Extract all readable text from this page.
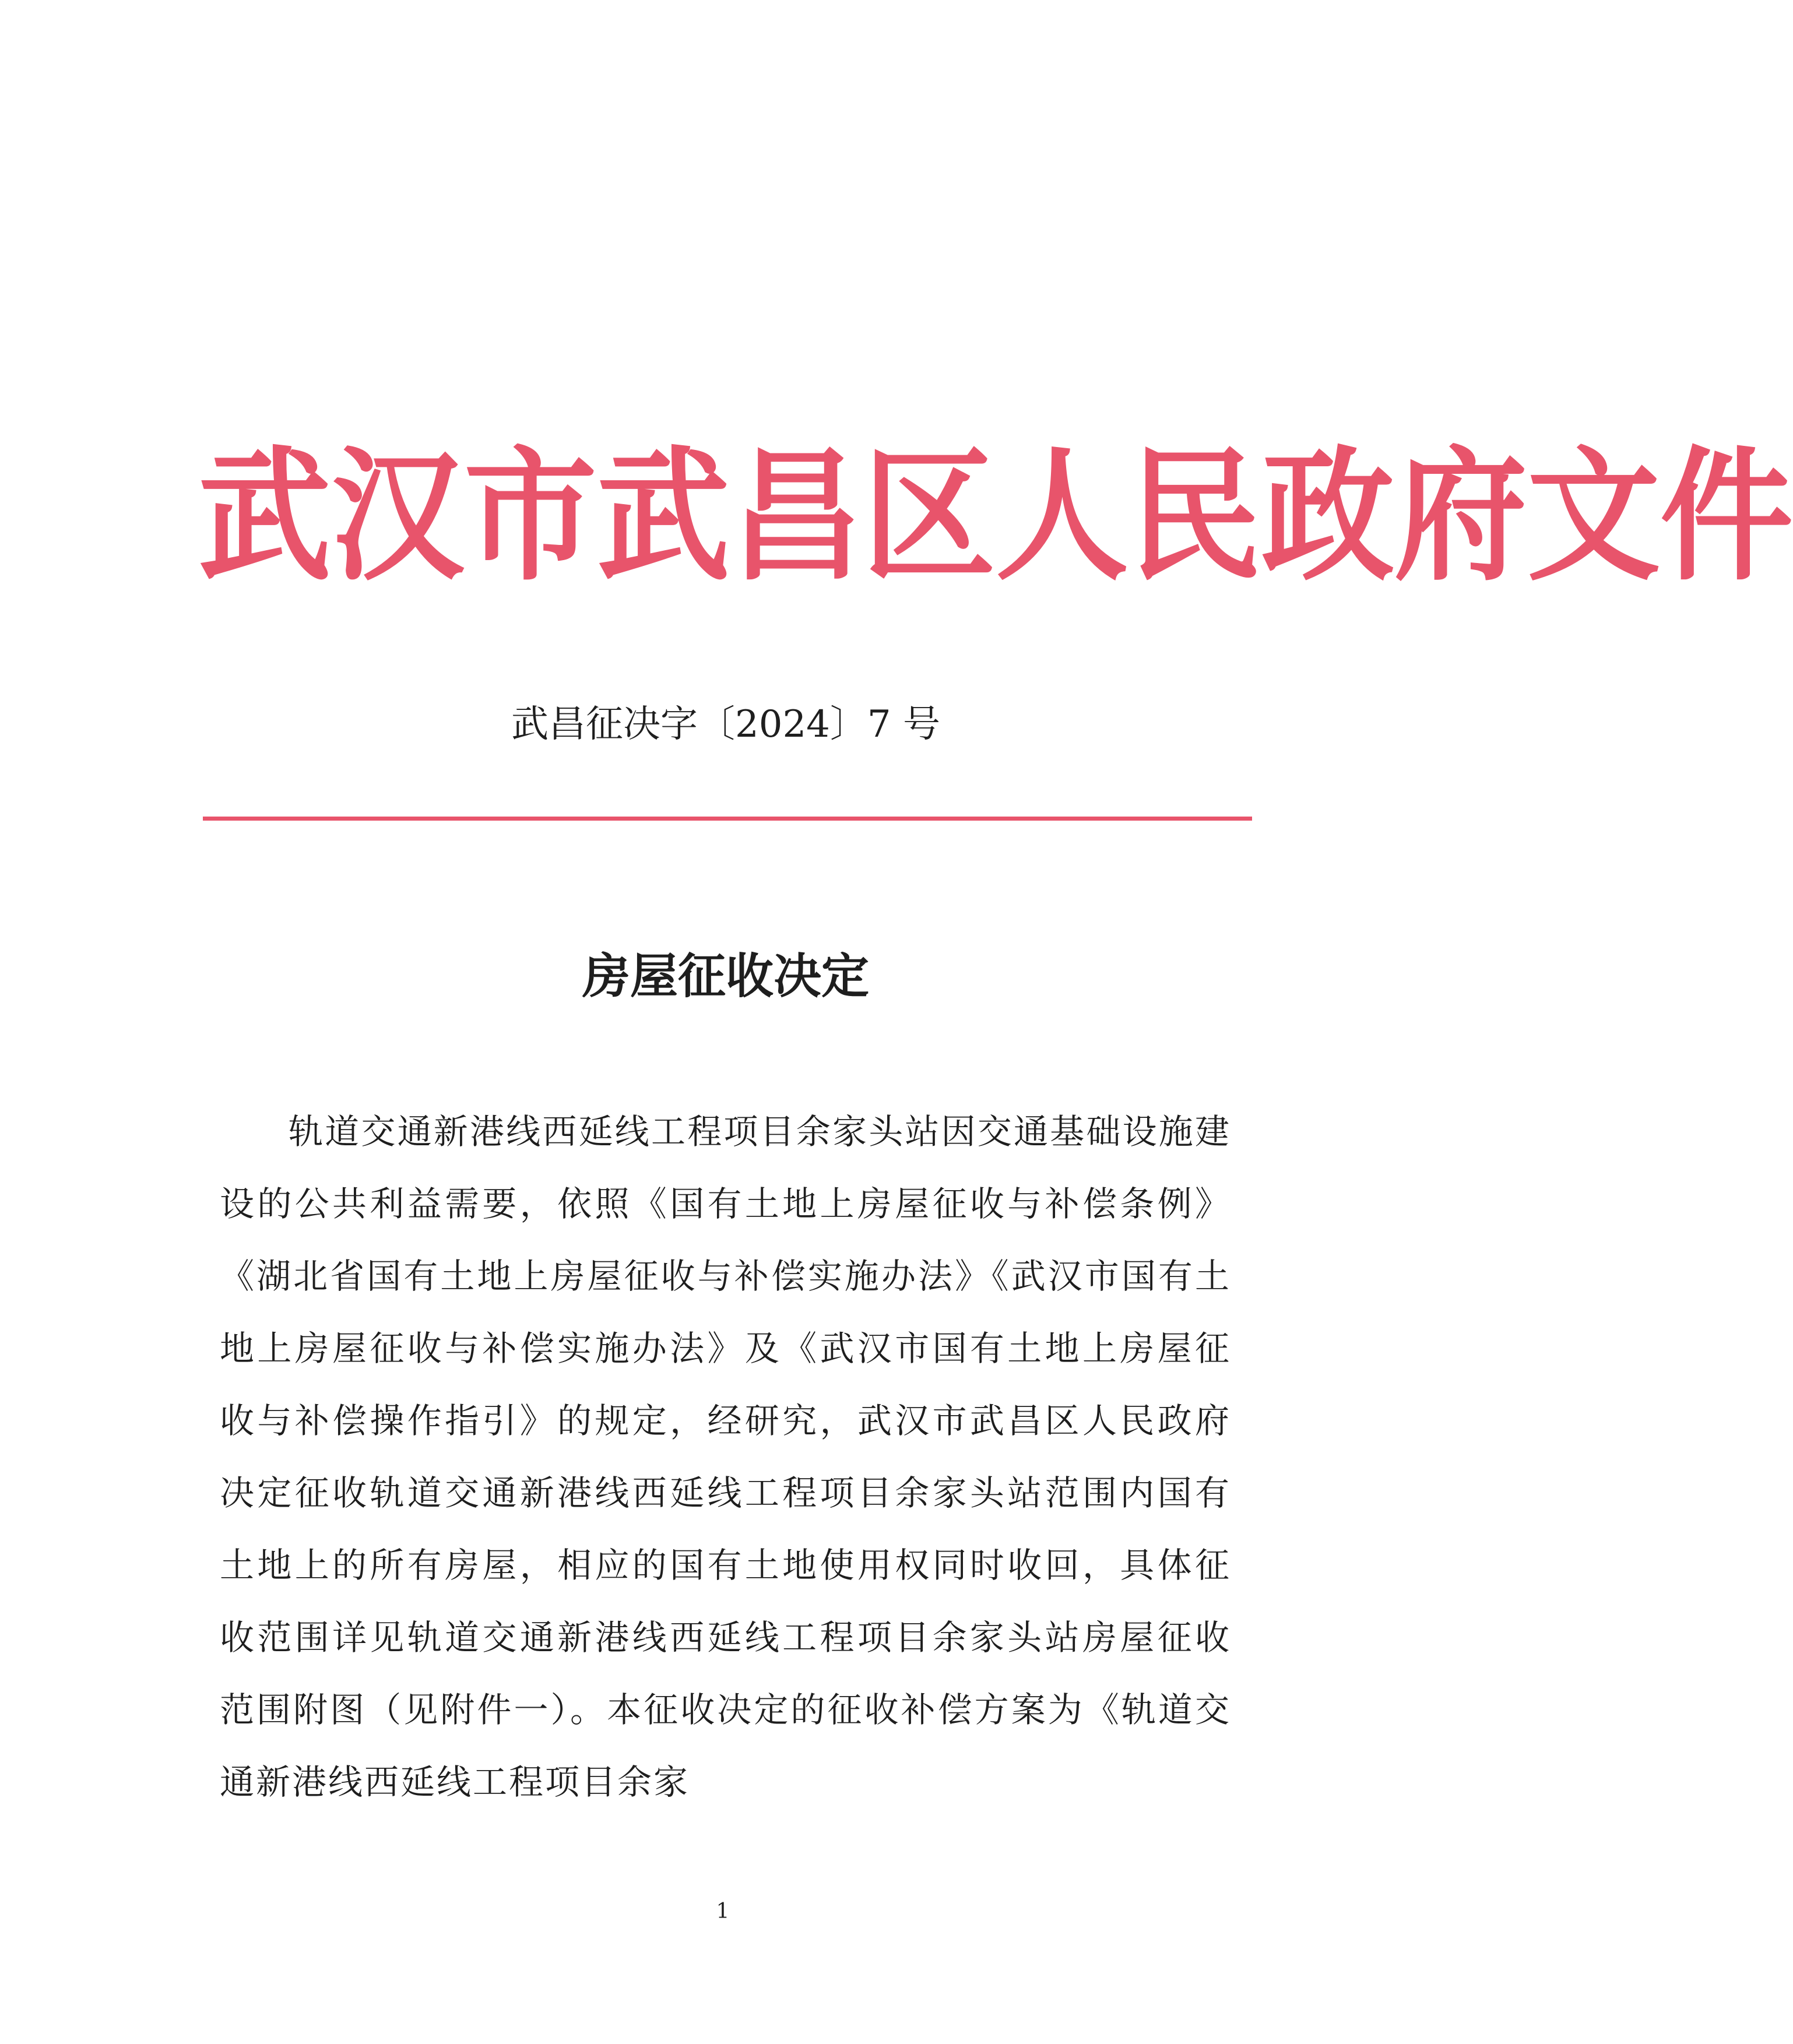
武汉市武昌区人民政府文件
武昌征决字〔2024〕7 号
房屋征收决定

轨道交通新港线西延线工程项目余家头站因交通基础设施建设的公共利益需要，依照《国有土地上房屋征收与补偿条例》《湖北省国有土地上房屋征收与补偿实施办法》《武汉市国有土地上房屋征收与补偿实施办法》及《武汉市国有土地上房屋征收与补偿操作指引》的规定，经研究，武汉市武昌区人民政府决定征收轨道交通新港线西延线工程项目余家头站范围内国有土地上的所有房屋，相应的国有土地使用权同时收回，具体征收范围详见轨道交通新港线西延线工程项目余家头站房屋征收范围附图（见附件一）。本征收决定的征收补偿方案为《轨道交通新港线西延线工程项目余家

1
